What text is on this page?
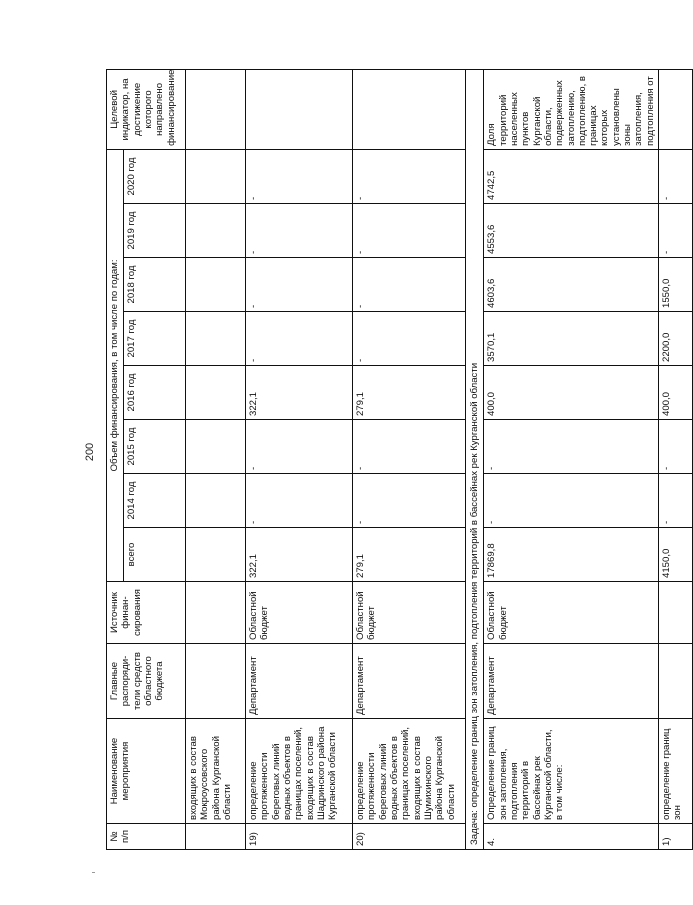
200
№ п/п	Наименование мероприятия	Главные распоряди-тели средств областного бюджета	Источник финан-сирования	Объем финансирования, в том числе по годам:								Целевой индикатор, на достижение которого направлено финансирование
				всего	2014 год	2015 год	2016 год	2017 год	2018 год	2019 год	2020 год	
	входящих в состав Мокроусовского района Курганской области											
19)	определение протяженности береговых линий водных объектов в границах поселений, входящих в состав Шадринского района Курганской области	Департамент	Областной бюджет	322,1	-	-	322,1	-	-	-	-	
20)	определение протяженности береговых линий водных объектов в границах поселений, входящих в состав Шумихинского района Курганской области	Департамент	Областной бюджет	279,1	-	-	279,1	-	-	-	-	
Задача: определение границ зон затопления, подтопления территорий в бассейнах рек Курганской области												
4.	Определение границ зон затопления, подтопления территорий в бассейнах рек Курганской области, в том числе:	Департамент	Областной бюджет	17869,8	-	-	400,0	3570,1	4603,6	4553,6	4742,5	Доля территорий населенных пунктов Курганской области, подверженных затоплению, подтоплению, в границах которых установлены зоны затопления, подтопления от
1)	определение границ зон			4150,0	-	-	400,0	2200,0	1550,0	-	-	
